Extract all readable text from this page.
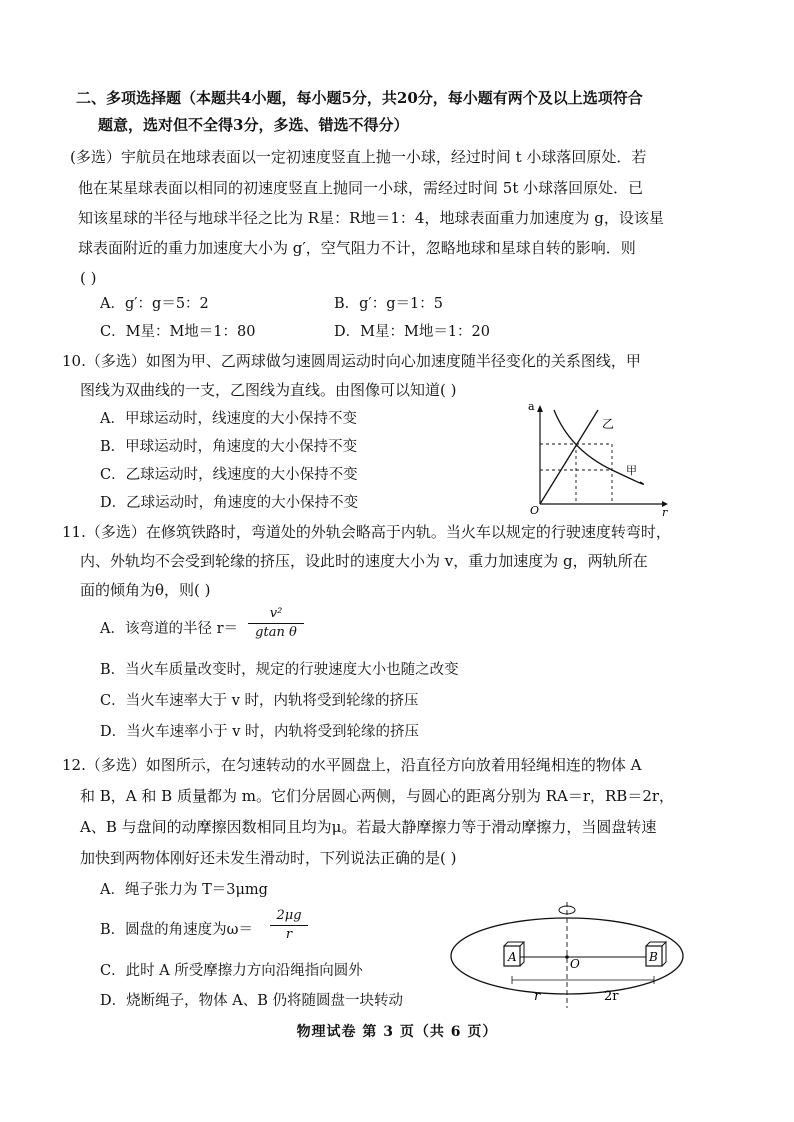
二、多项选择题（本题共4小题，每小题5分，共20分，每小题有两个及以上选项符合
题意，选对但不全得3分，多选、错选不得分）
(多选）宇航员在地球表面以一定初速度竖直上抛一小球，经过时间 t 小球落回原处．若
他在某星球表面以相同的初速度竖直上抛同一小球，需经过时间 5t 小球落回原处．已
知该星球的半径与地球半径之比为 R星：R地＝1：4，地球表面重力加速度为 g，设该星
球表面附近的重力加速度大小为 g′，空气阻力不计，忽略地球和星球自转的影响．则
( )
A．g′：g＝5：2	B．g′：g＝1：5
C．M星：M地＝1：80	D．M星：M地＝1：20
10.（多选）如图为甲、乙两球做匀速圆周运动时向心加速度随半径变化的关系图线，甲
图线为双曲线的一支，乙图线为直线。由图像可以知道( )
A．甲球运动时，线速度的大小保持不变
B．甲球运动时，角速度的大小保持不变
C．乙球运动时，线速度的大小保持不变
D．乙球运动时，角速度的大小保持不变
a
r
O
乙
甲
11.（多选）在修筑铁路时，弯道处的外轨会略高于内轨。当火车以规定的行驶速度转弯时，
内、外轨均不会受到轮缘的挤压，设此时的速度大小为 v，重力加速度为 g，两轨所在
面的倾角为θ，则( )
A．该弯道的半径 r＝
v²
gtan θ
B．当火车质量改变时，规定的行驶速度大小也随之改变
C．当火车速率大于 v 时，内轨将受到轮缘的挤压
D．当火车速率小于 v 时，内轨将受到轮缘的挤压
12.（多选）如图所示，在匀速转动的水平圆盘上，沿直径方向放着用轻绳相连的物体 A
和 B，A 和 B 质量都为 m。它们分居圆心两侧，与圆心的距离分别为 RA＝r，RB＝2r，
A、B 与盘间的动摩擦因数相同且均为μ。若最大静摩擦力等于滑动摩擦力，当圆盘转速
加快到两物体刚好还未发生滑动时，下列说法正确的是( )
A．绳子张力为 T＝3μmg
B．圆盘的角速度为ω＝
2μg
r
C．此时 A 所受摩擦力方向沿绳指向圆外
D．烧断绳子，物体 A、B 仍将随圆盘一块转动
A	B
O
r	2r
物理试卷 第 3 页（共 6 页）
